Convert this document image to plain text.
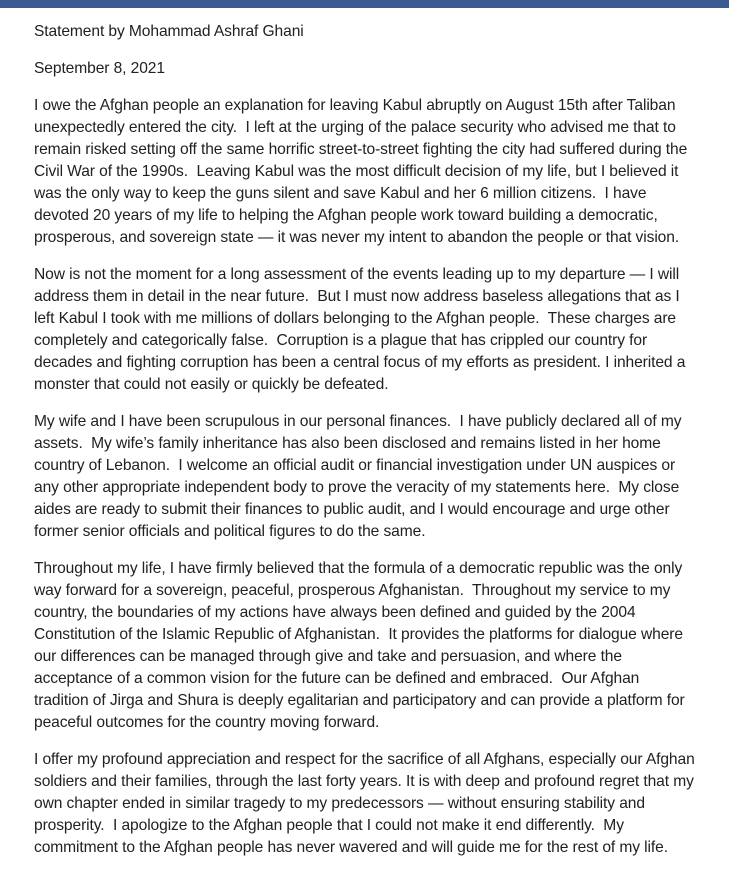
Statement by Mohammad Ashraf Ghani
September 8, 2021

I owe the Afghan people an explanation for leaving Kabul abruptly on August 15th after Taliban unexpectedly entered the city.  I left at the urging of the palace security who advised me that to remain risked setting off the same horrific street-to-street fighting the city had suffered during the Civil War of the 1990s.  Leaving Kabul was the most difficult decision of my life, but I believed it was the only way to keep the guns silent and save Kabul and her 6 million citizens.  I have devoted 20 years of my life to helping the Afghan people work toward building a democratic, prosperous, and sovereign state — it was never my intent to abandon the people or that vision.

Now is not the moment for a long assessment of the events leading up to my departure — I will address them in detail in the near future.  But I must now address baseless allegations that as I left Kabul I took with me millions of dollars belonging to the Afghan people.  These charges are completely and categorically false.  Corruption is a plague that has crippled our country for decades and fighting corruption has been a central focus of my efforts as president. I inherited a monster that could not easily or quickly be defeated.

My wife and I have been scrupulous in our personal finances.  I have publicly declared all of my assets.  My wife’s family inheritance has also been disclosed and remains listed in her home country of Lebanon.  I welcome an official audit or financial investigation under UN auspices or any other appropriate independent body to prove the veracity of my statements here.  My close aides are ready to submit their finances to public audit, and I would encourage and urge other former senior officials and political figures to do the same.

Throughout my life, I have firmly believed that the formula of a democratic republic was the only way forward for a sovereign, peaceful, prosperous Afghanistan.  Throughout my service to my country, the boundaries of my actions have always been defined and guided by the 2004 Constitution of the Islamic Republic of Afghanistan.  It provides the platforms for dialogue where our differences can be managed through give and take and persuasion, and where the acceptance of a common vision for the future can be defined and embraced.  Our Afghan tradition of Jirga and Shura is deeply egalitarian and participatory and can provide a platform for peaceful outcomes for the country moving forward.

I offer my profound appreciation and respect for the sacrifice of all Afghans, especially our Afghan soldiers and their families, through the last forty years. It is with deep and profound regret that my own chapter ended in similar tragedy to my predecessors — without ensuring stability and prosperity.  I apologize to the Afghan people that I could not make it end differently.  My commitment to the Afghan people has never wavered and will guide me for the rest of my life.
